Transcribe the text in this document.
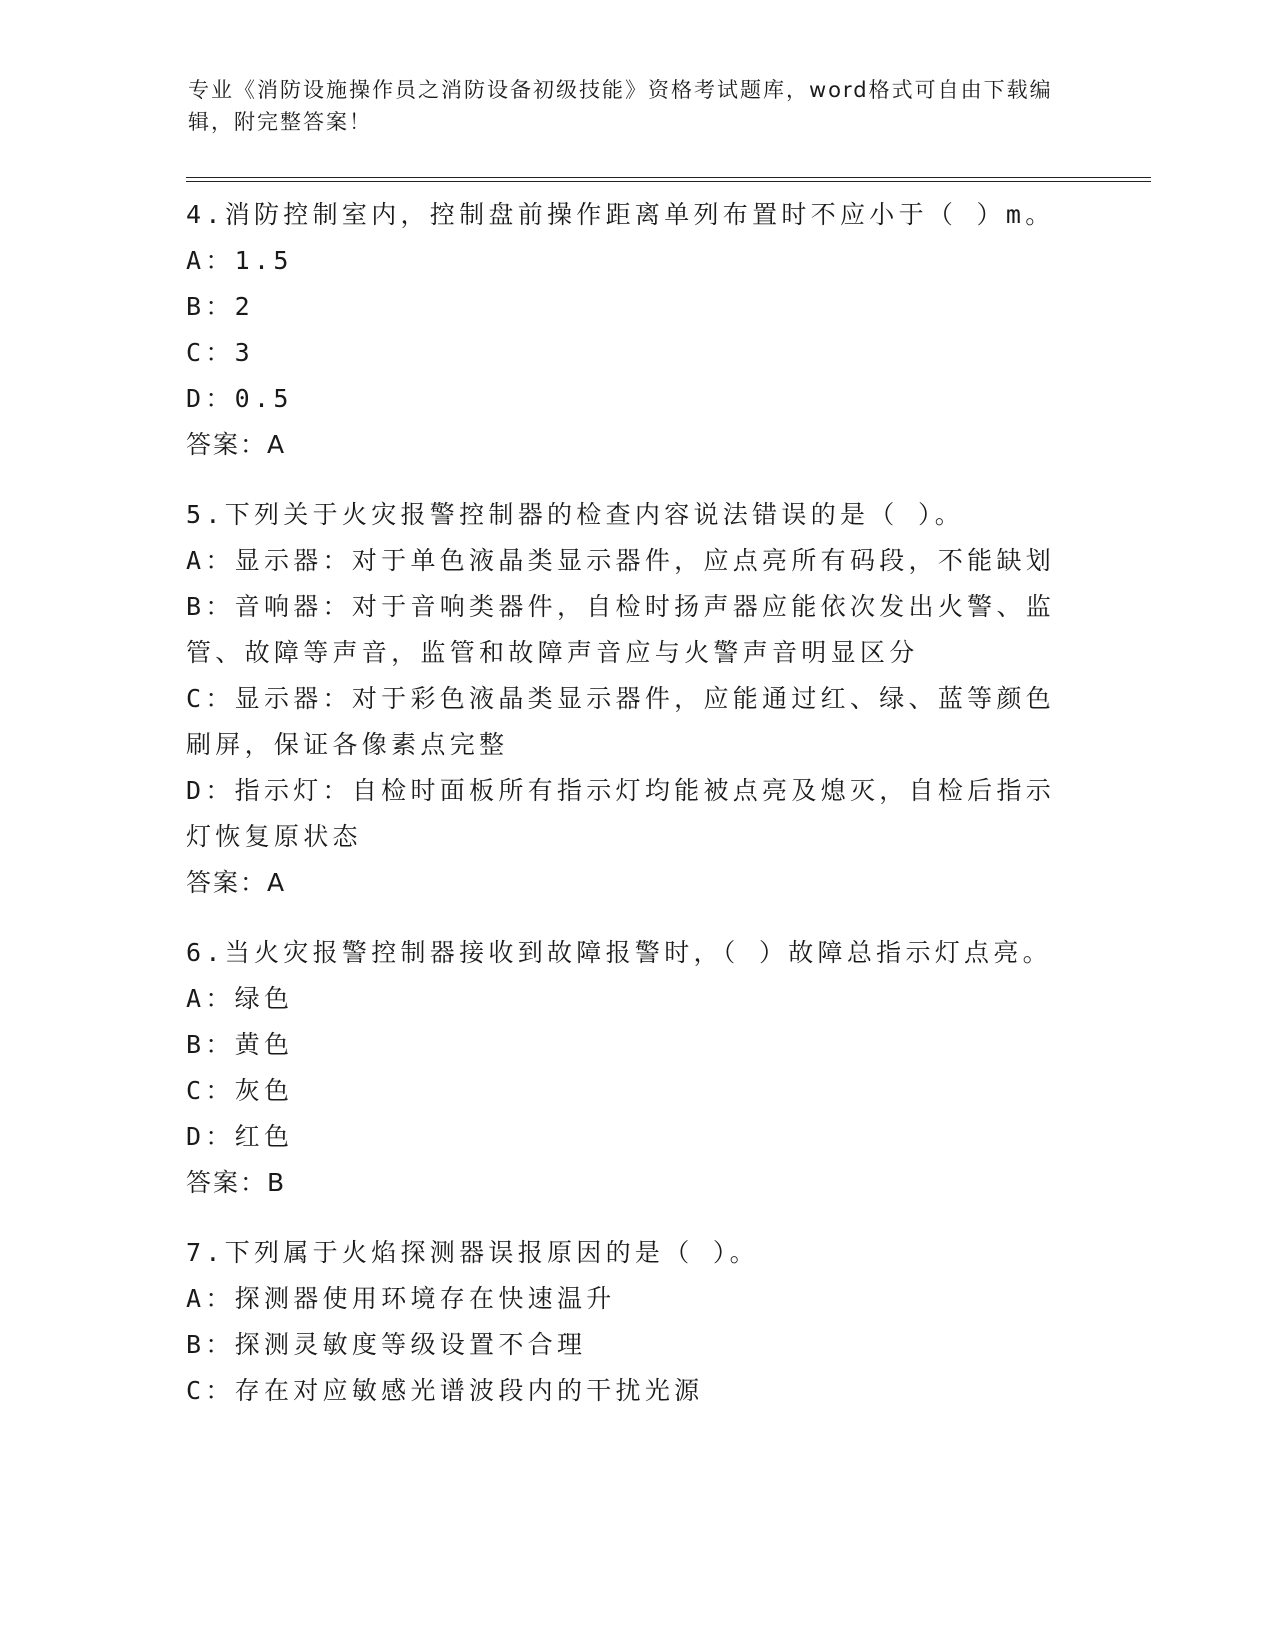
专业《消防设施操作员之消防设备初级技能》资格考试题库，word格式可自由下载编辑，附完整答案！
4.消防控制室内，控制盘前操作距离单列布置时不应小于（ ）m。
A：1.5
B：2
C：3
D：0.5
答案：A
5.下列关于火灾报警控制器的检查内容说法错误的是（ ）。
A：显示器：对于单色液晶类显示器件，应点亮所有码段，不能缺划
B：音响器：对于音响类器件，自检时扬声器应能依次发出火警、监管、故障等声音，监管和故障声音应与火警声音明显区分
C：显示器：对于彩色液晶类显示器件，应能通过红、绿、蓝等颜色刷屏，保证各像素点完整
D：指示灯：自检时面板所有指示灯均能被点亮及熄灭，自检后指示灯恢复原状态
答案：A
6.当火灾报警控制器接收到故障报警时，（ ）故障总指示灯点亮。
A：绿色
B：黄色
C：灰色
D：红色
答案：B
7.下列属于火焰探测器误报原因的是（ ）。
A：探测器使用环境存在快速温升
B：探测灵敏度等级设置不合理
C：存在对应敏感光谱波段内的干扰光源
